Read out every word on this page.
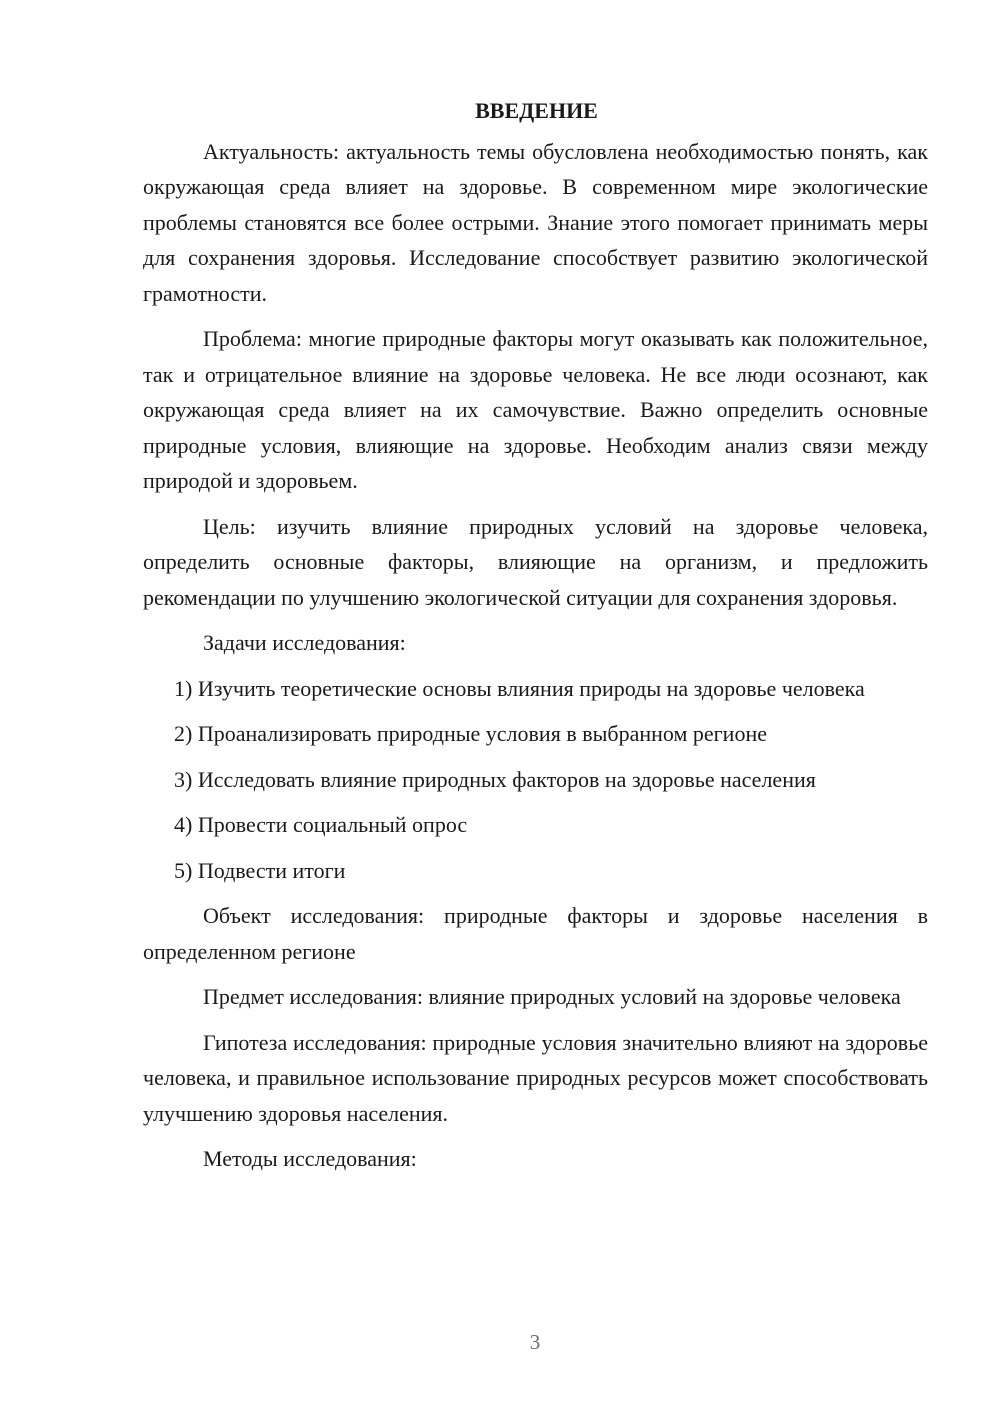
ВВЕДЕНИЕ

Актуальность: актуальность темы обусловлена необходимостью понять, как окружающая среда влияет на здоровье. В современном мире экологические проблемы становятся все более острыми. Знание этого помогает принимать меры для сохранения здоровья. Исследование способствует развитию экологической грамотности.

Проблема: многие природные факторы могут оказывать как положительное, так и отрицательное влияние на здоровье человека. Не все люди осознают, как окружающая среда влияет на их самочувствие. Важно определить основные природные условия, влияющие на здоровье. Необходим анализ связи между природой и здоровьем.

Цель: изучить влияние природных условий на здоровье человека, определить основные факторы, влияющие на организм, и предложить рекомендации по улучшению экологической ситуации для сохранения здоровья.

Задачи исследования:

1) Изучить теоретические основы влияния природы на здоровье человека

2) Проанализировать природные условия в выбранном регионе

3) Исследовать влияние природных факторов на здоровье населения

4) Провести социальный опрос

5) Подвести итоги

Объект исследования: природные факторы и здоровье населения в определенном регионе

Предмет исследования: влияние природных условий на здоровье человека

Гипотеза исследования: природные условия значительно влияют на здоровье человека, и правильное использование природных ресурсов может способствовать улучшению здоровья населения.

Методы исследования:

3
